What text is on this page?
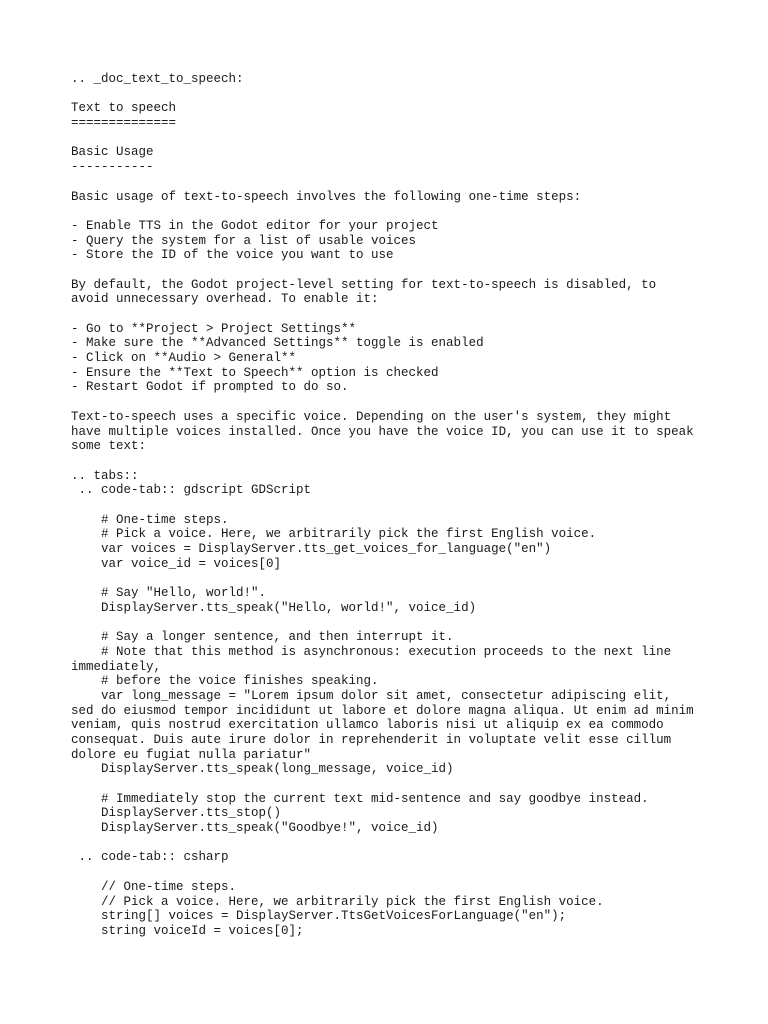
.. _doc_text_to_speech:
Text to speech
==============
Basic Usage
-----------
Basic usage of text-to-speech involves the following one-time steps:
- Enable TTS in the Godot editor for your project
- Query the system for a list of usable voices
- Store the ID of the voice you want to use
By default, the Godot project-level setting for text-to-speech is disabled, to
avoid unnecessary overhead. To enable it:
- Go to **Project > Project Settings**
- Make sure the **Advanced Settings** toggle is enabled
- Click on **Audio > General**
- Ensure the **Text to Speech** option is checked
- Restart Godot if prompted to do so.
Text-to-speech uses a specific voice. Depending on the user's system, they might
have multiple voices installed. Once you have the voice ID, you can use it to speak
some text:
.. tabs::
.. code-tab:: gdscript GDScript
# One-time steps.
# Pick a voice. Here, we arbitrarily pick the first English voice.
var voices = DisplayServer.tts_get_voices_for_language("en")
var voice_id = voices[0]
# Say "Hello, world!".
DisplayServer.tts_speak("Hello, world!", voice_id)
# Say a longer sentence, and then interrupt it.
# Note that this method is asynchronous: execution proceeds to the next line
immediately,
# before the voice finishes speaking.
var long_message = "Lorem ipsum dolor sit amet, consectetur adipiscing elit,
sed do eiusmod tempor incididunt ut labore et dolore magna aliqua. Ut enim ad minim
veniam, quis nostrud exercitation ullamco laboris nisi ut aliquip ex ea commodo
consequat. Duis aute irure dolor in reprehenderit in voluptate velit esse cillum
dolore eu fugiat nulla pariatur"
DisplayServer.tts_speak(long_message, voice_id)
# Immediately stop the current text mid-sentence and say goodbye instead.
DisplayServer.tts_stop()
DisplayServer.tts_speak("Goodbye!", voice_id)
.. code-tab:: csharp
// One-time steps.
// Pick a voice. Here, we arbitrarily pick the first English voice.
string[] voices = DisplayServer.TtsGetVoicesForLanguage("en");
string voiceId = voices[0];
